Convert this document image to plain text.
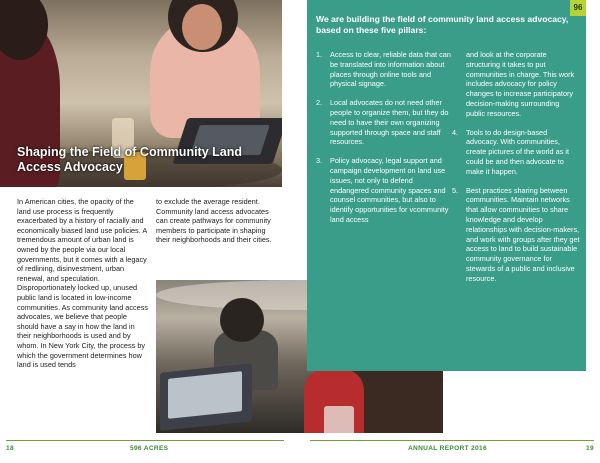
Shaping the Field of Community Land Access Advocacy
In American cities, the opacity of the land use process is frequently exacerbated by a history of racially and economically biased land use policies. A tremendous amount of urban land is owned by the people via our local governments, but it comes with a legacy of redlining, disinvestment, urban renewal, and speculation. Disproportionately locked up, unused public land is located in low-income communities. As community land access advocates, we believe that people should have a say in how the land in their neighborhoods is used and by whom. In New York City, the process by which the government determines how land is used tends
to exclude the average resident. Community land access advocates can create pathways for community members to participate in shaping their neighborhoods and their cities.
96
We are building the field of community land access advocacy, based on these five pillars:
1. Access to clear, reliable data that can be translated into information about places through online tools and physical signage.
2. Local advocates do not need other people to organize them, but they do need to have their own organizing supported through space and staff resources.
3. Policy advocacy, legal support and campaign development on land use issues, not only to defend endangered community spaces and counsel communities, but also to identify opportunities for vcommunity land access
and look at the corporate structuring it takes to put communities in charge. This work includes advocacy for policy changes to increase participatory decision-making surrounding public resources.
4. Tools to do design-based advocacy. With communities, create pictures of the world as it could be and then advocate to make it happen.
5. Best practices sharing between communities. Maintain networks that allow communities to share knowledge and develop relationships with decision-makers, and work with groups after they get access to land to build sustainable community governance for stewards of a public and inclusive resource.
18	596 ACRES	ANNUAL REPORT 2016	19
